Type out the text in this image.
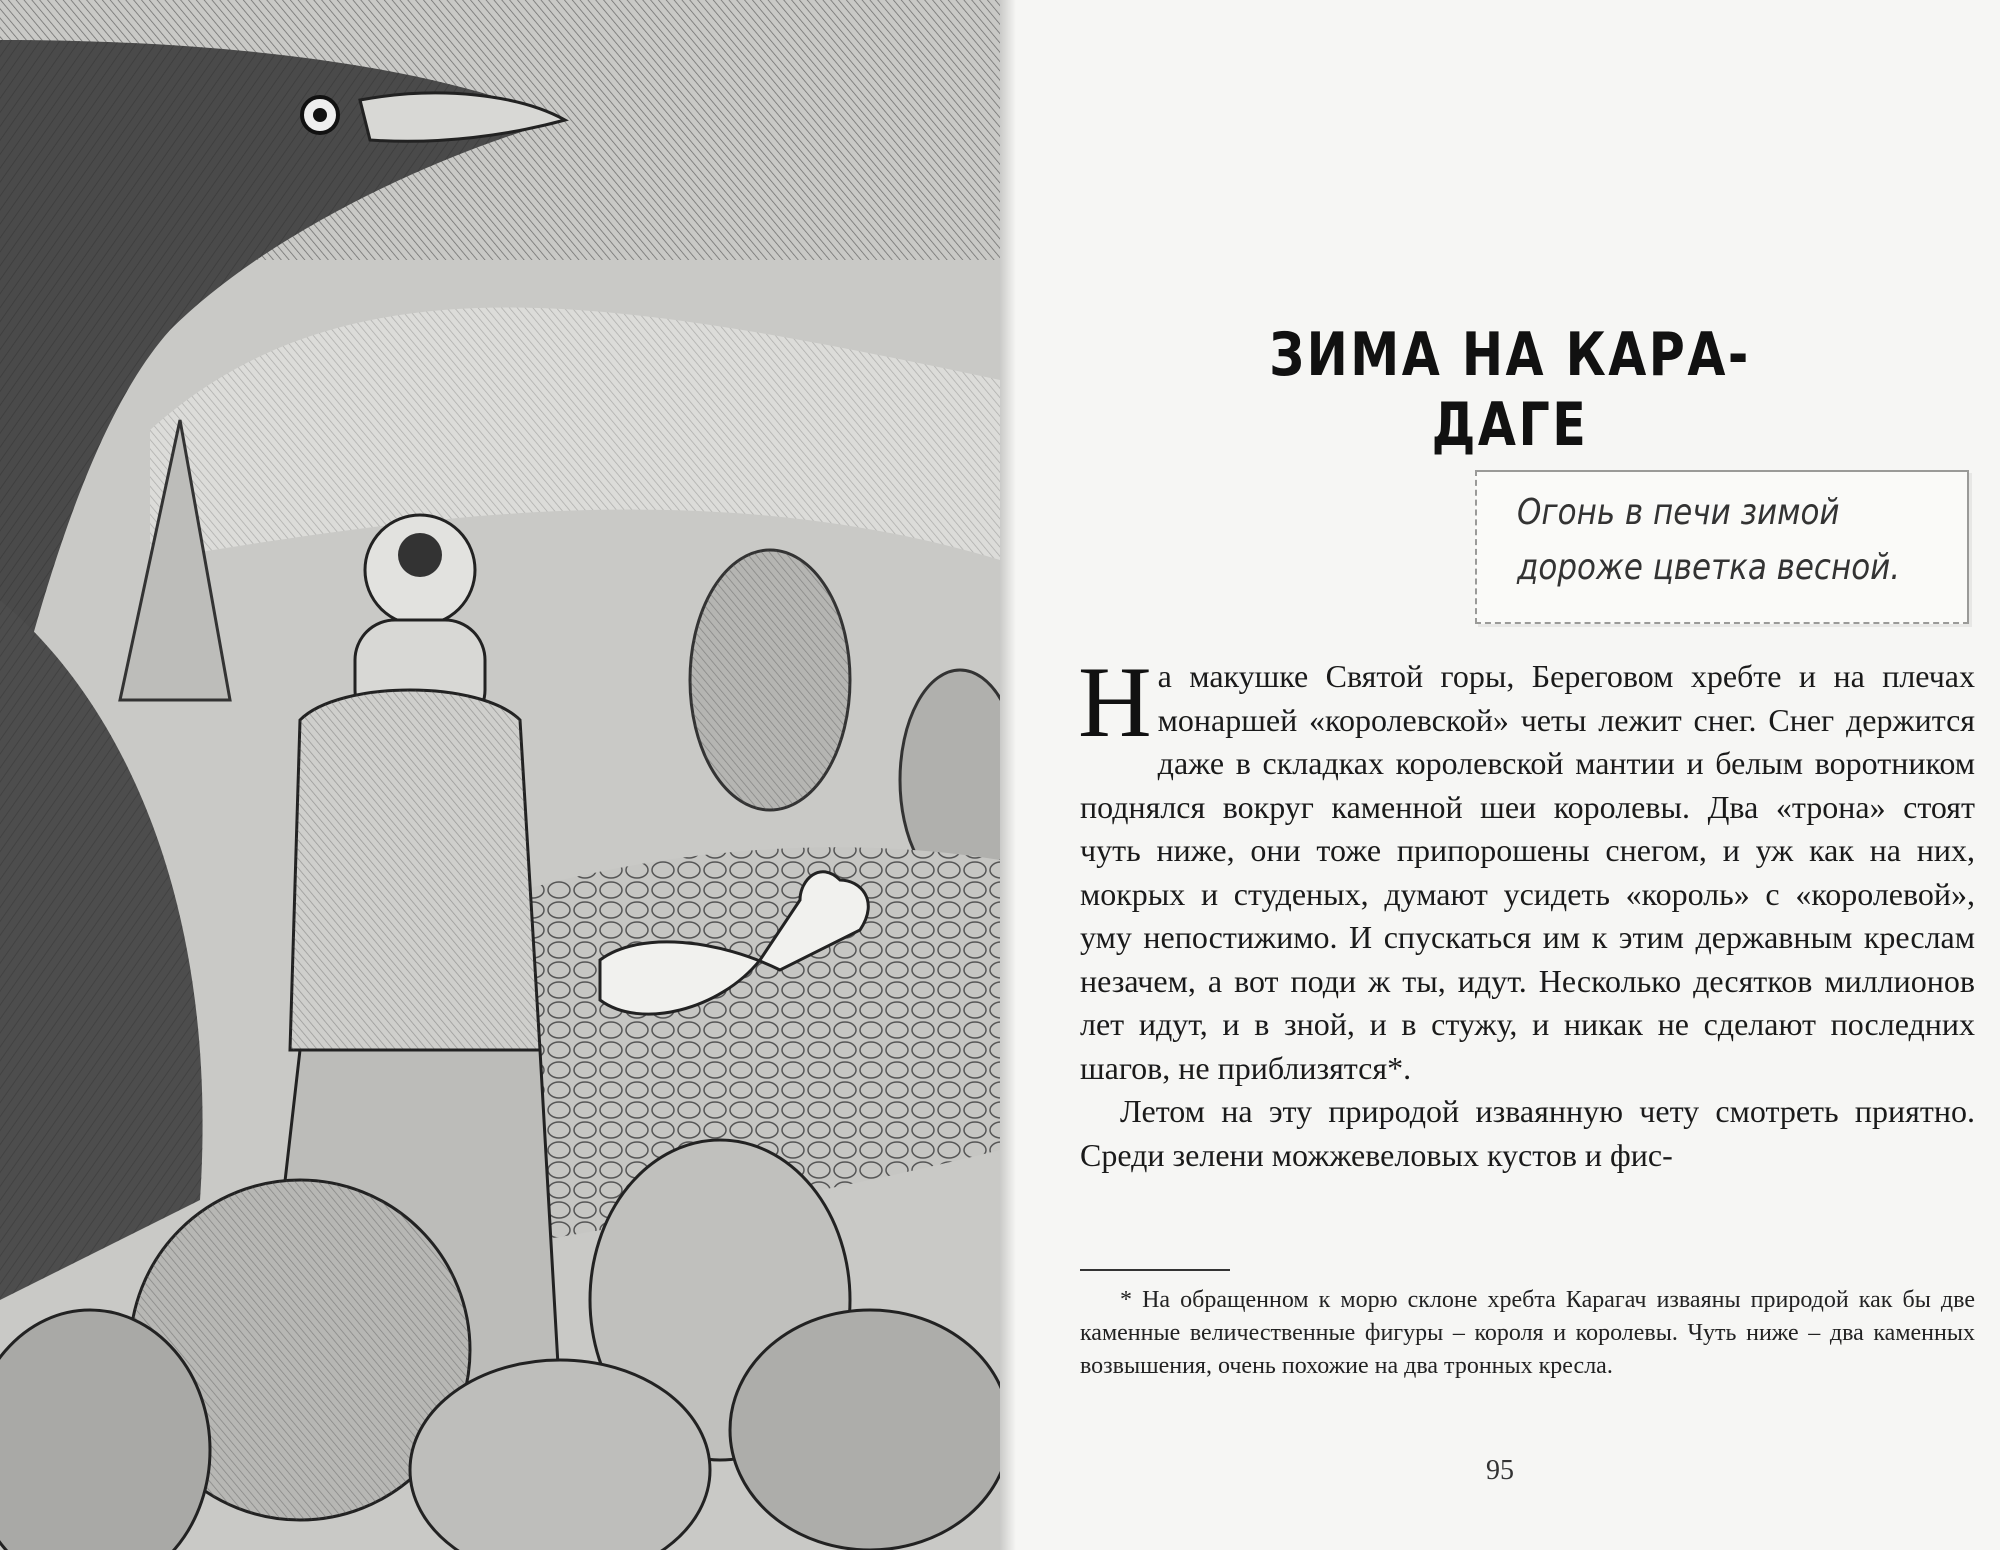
ЗИМА НА КАРА-ДАГЕ
Огонь в печи зимой
дороже цветка весной.

На макушке Святой горы, Береговом хребте и на плечах монаршей «королевской» четы лежит снег. Снег держится даже в складках королевской мантии и белым воротником поднялся вокруг каменной шеи королевы. Два «трона» стоят чуть ниже, они тоже припорошены снегом, и уж как на них, мокрых и студеных, думают усидеть «король» с «королевой», уму непостижимо. И спускаться им к этим державным креслам незачем, а вот поди ж ты, идут. Несколько десятков миллионов лет идут, и в зной, и в стужу, и никак не сделают последних шагов, не приблизятся*.

Летом на эту природой изваянную чету смотреть приятно. Среди зелени можжевеловых кустов и фис-

* На обращенном к морю склоне хребта Карагач изваяны природой как бы две каменные величественные фигуры – короля и королевы. Чуть ниже – два каменных возвышения, очень похожие на два тронных кресла.

95
